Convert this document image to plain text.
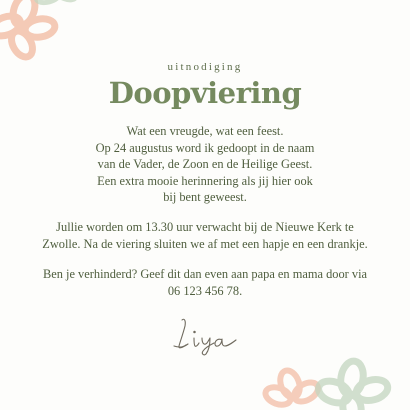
uitnodiging
Doopviering
Wat een vreugde, wat een feest.
Op 24 augustus word ik gedoopt in de naam
van de Vader, de Zoon en de Heilige Geest.
Een extra mooie herinnering als jij hier ook
bij bent geweest.
Jullie worden om 13.30 uur verwacht bij de Nieuwe Kerk te
Zwolle. Na de viering sluiten we af met een hapje en een drankje.
Ben je verhinderd? Geef dit dan even aan papa en mama door via
06 123 456 78.
